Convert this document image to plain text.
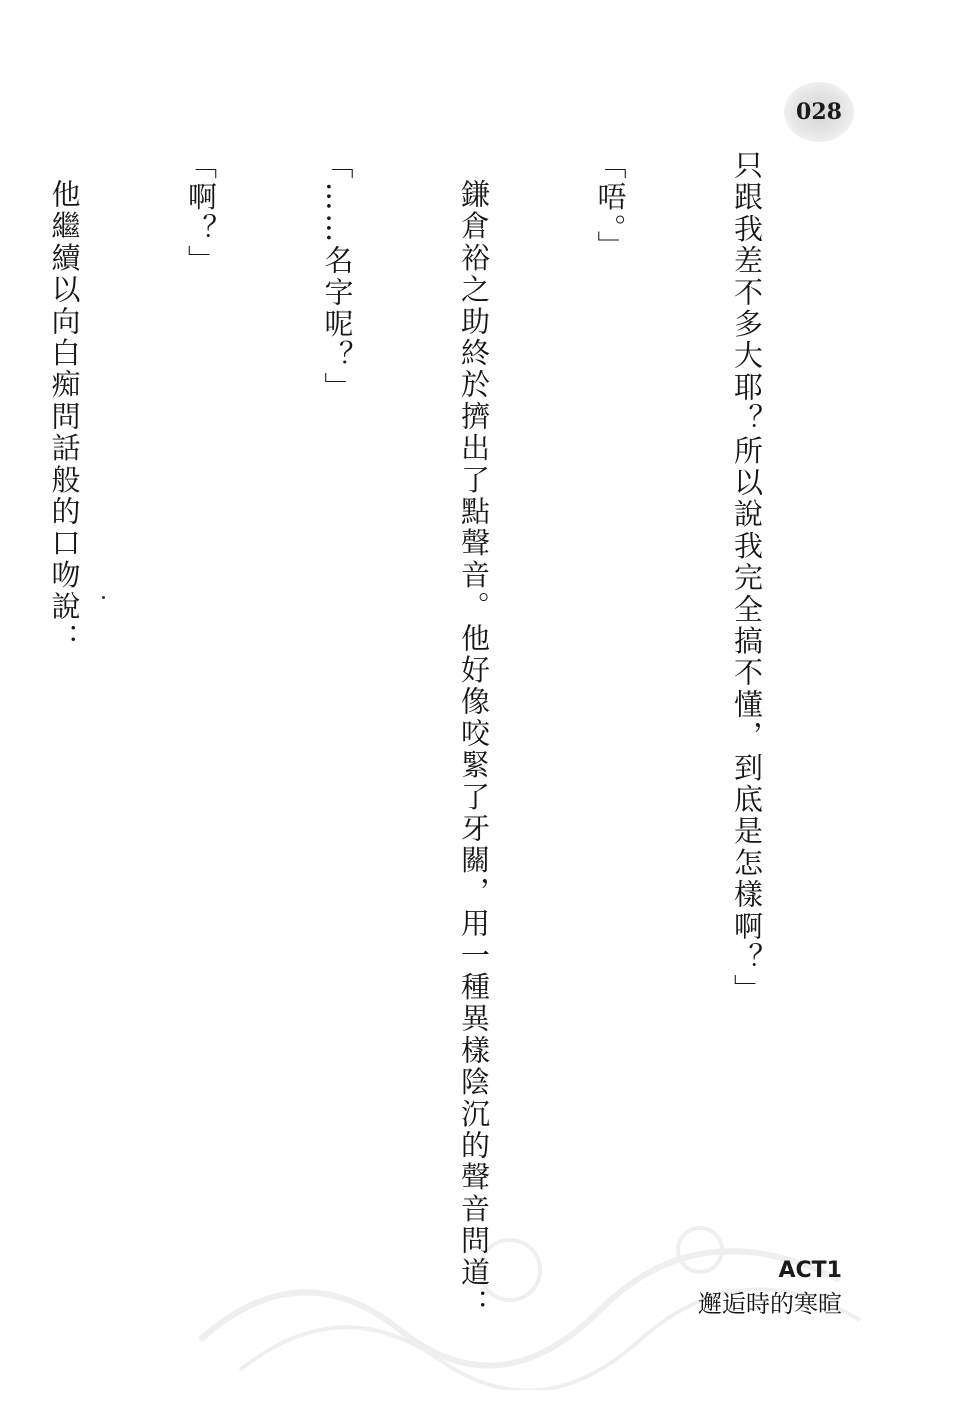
028

只跟我差不多大耶？所以說我完全搞不懂，到底是怎樣啊？」

「唔。」

鎌倉裕之助終於擠出了點聲音。他好像咬緊了牙關，用一種異樣陰沉的聲音問道：

「……名字呢？」

「啊？」

他繼續以向白痴問話般的口吻說：

ACT1
邂逅時的寒暄
